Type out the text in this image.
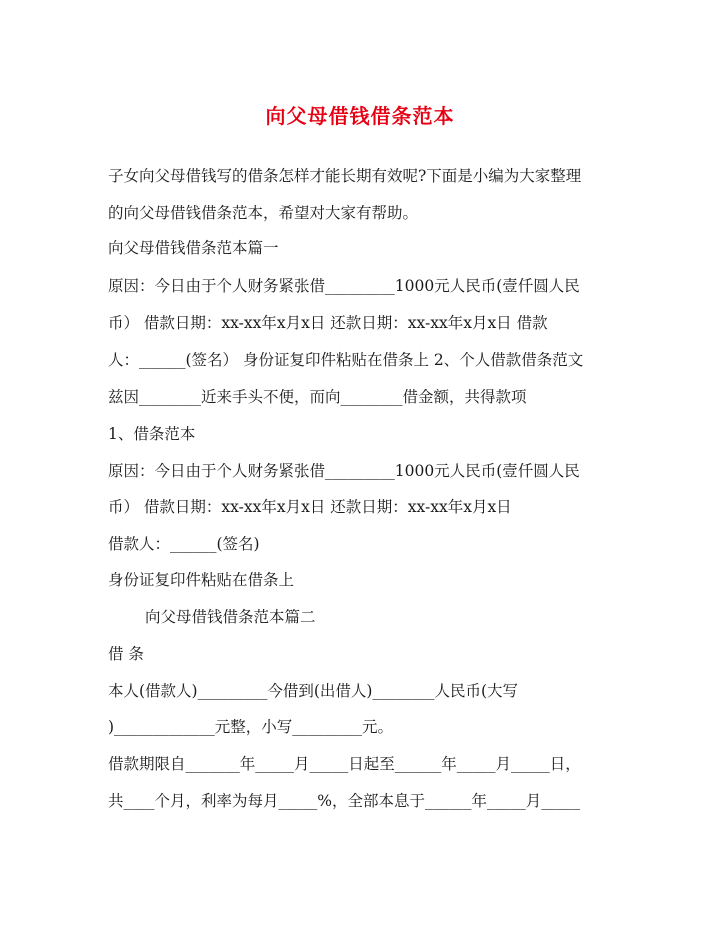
向父母借钱借条范本
子女向父母借钱写的借条怎样才能长期有效呢?下面是小编为大家整理
的向父母借钱借条范本，希望对大家有帮助。
向父母借钱借条范本篇一
原因：今日由于个人财务紧张借_________1000元人民币(壹仟圆人民
币） 借款日期：xx-xx年x月x日 还款日期：xx-xx年x月x日 借款
人：______(签名） 身份证复印件粘贴在借条上 2、个人借款借条范文
兹因________近来手头不便，而向________借金额，共得款项
1、借条范本
原因：今日由于个人财务紧张借_________1000元人民币(壹仟圆人民
币） 借款日期：xx-xx年x月x日 还款日期：xx-xx年x月x日
借款人：______(签名)
身份证复印件粘贴在借条上
向父母借钱借条范本篇二
借 条
本人(借款人)_________今借到(出借人)________人民币(大写
)_____________元整，小写_________元。
借款期限自_______年_____月_____日起至______年_____月_____日，
共____个月，利率为每月_____%，全部本息于______年_____月_____
